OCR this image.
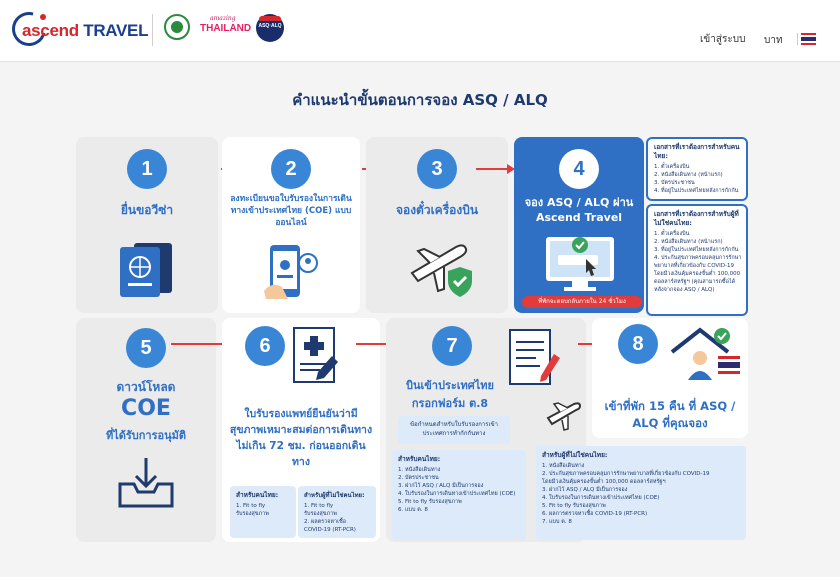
ascend TRAVEL
amazing
THAILAND ASQ·ALQ
เข้าสู่ระบบ บาท
คำแนะนำขั้นตอนการจอง ASQ / ALQ
1
ยื่นขอวีซ่า
2
ลงทะเบียนขอใบรับรองในการเดินทางเข้าประเทศไทย (COE) แบบออนไลน์
3
จองตั๋วเครื่องบิน
4
จอง ASQ / ALQ ผ่าน Ascend Travel
ที่พักจะตอบกลับภายใน 24 ชั่วโมง
เอกสารที่เราต้องการสำหรับคนไทย:
1. ตั๋วเครื่องบิน
2. หนังสือเดินทาง (หน้าแรก)
3. บัตรประชาชน
4. ที่อยู่ในประเทศไทยหลังการกักกัน
เอกสารที่เราต้องการสำหรับผู้ที่ไม่ใช่คนไทย:
1. ตั๋วเครื่องบิน
2. หนังสือเดินทาง (หน้าแรก)
3. ที่อยู่ในประเทศไทยหลังการกักกัน
4. ประกันสุขภาพครอบคลุมการรักษาพยาบาลที่เกี่ยวข้องกับ COVID-19 โดยมีวงเงินคุ้มครองขั้นต่ำ 100,000 ดอลลาร์สหรัฐฯ (คุณสามารถซื้อได้หลังจากจอง ASQ / ALQ)
5
ดาวน์โหลด
COE
ที่ได้รับการอนุมัติ
6
ใบรับรองแพทย์ยืนยันว่ามีสุขภาพเหมาะสมต่อการเดินทาง ไม่เกิน 72 ชม. ก่อนออกเดินทาง
สำหรับคนไทย:
1. Fit to fly
รับรองสุขภาพ
สำหรับผู้ที่ไม่ใช่คนไทย:
1. Fit to fly
รับรองสุขภาพ
2. ผลตรวจหาเชื้อ
COVID-19 (RT-PCR)
7
บินเข้าประเทศไทย
กรอกฟอร์ม ต.8
ข้อกำหนดสำหรับใบรับรองการเข้าประเทศการทำกักกันทาง
สำหรับคนไทย:
1. หนังสือเดินทาง
2. บัตรประชาชน
3. ฝากไว้ ASQ / ALQ มีเป็นการจอง
4. ใบรับรองในการเดินทางเข้าประเทศไทย (COE)
5. Fit to fly รับรองสุขภาพ
6. แบบ ต. 8
8
เข้าที่พัก 15 คืน ที่ ASQ / ALQ ที่คุณจอง
สำหรับผู้ที่ไม่ใช่คนไทย:
1. หนังสือเดินทาง
2. ประกันสุขภาพครอบคลุมการรักษาพยาบาลที่เกี่ยวข้องกับ COVID-19
โดยมีวงเงินคุ้มครองขั้นต่ำ 100,000 ดอลลาร์สหรัฐฯ
3. ฝากไว้ ASQ / ALQ มีเป็นการจอง
4. ใบรับรองในการเดินทางเข้าประเทศไทย (COE)
5. Fit to fly รับรองสุขภาพ
6. ผลการตรวจหาเชื้อ COVID-19 (RT-PCR)
7. แบบ ต. 8
